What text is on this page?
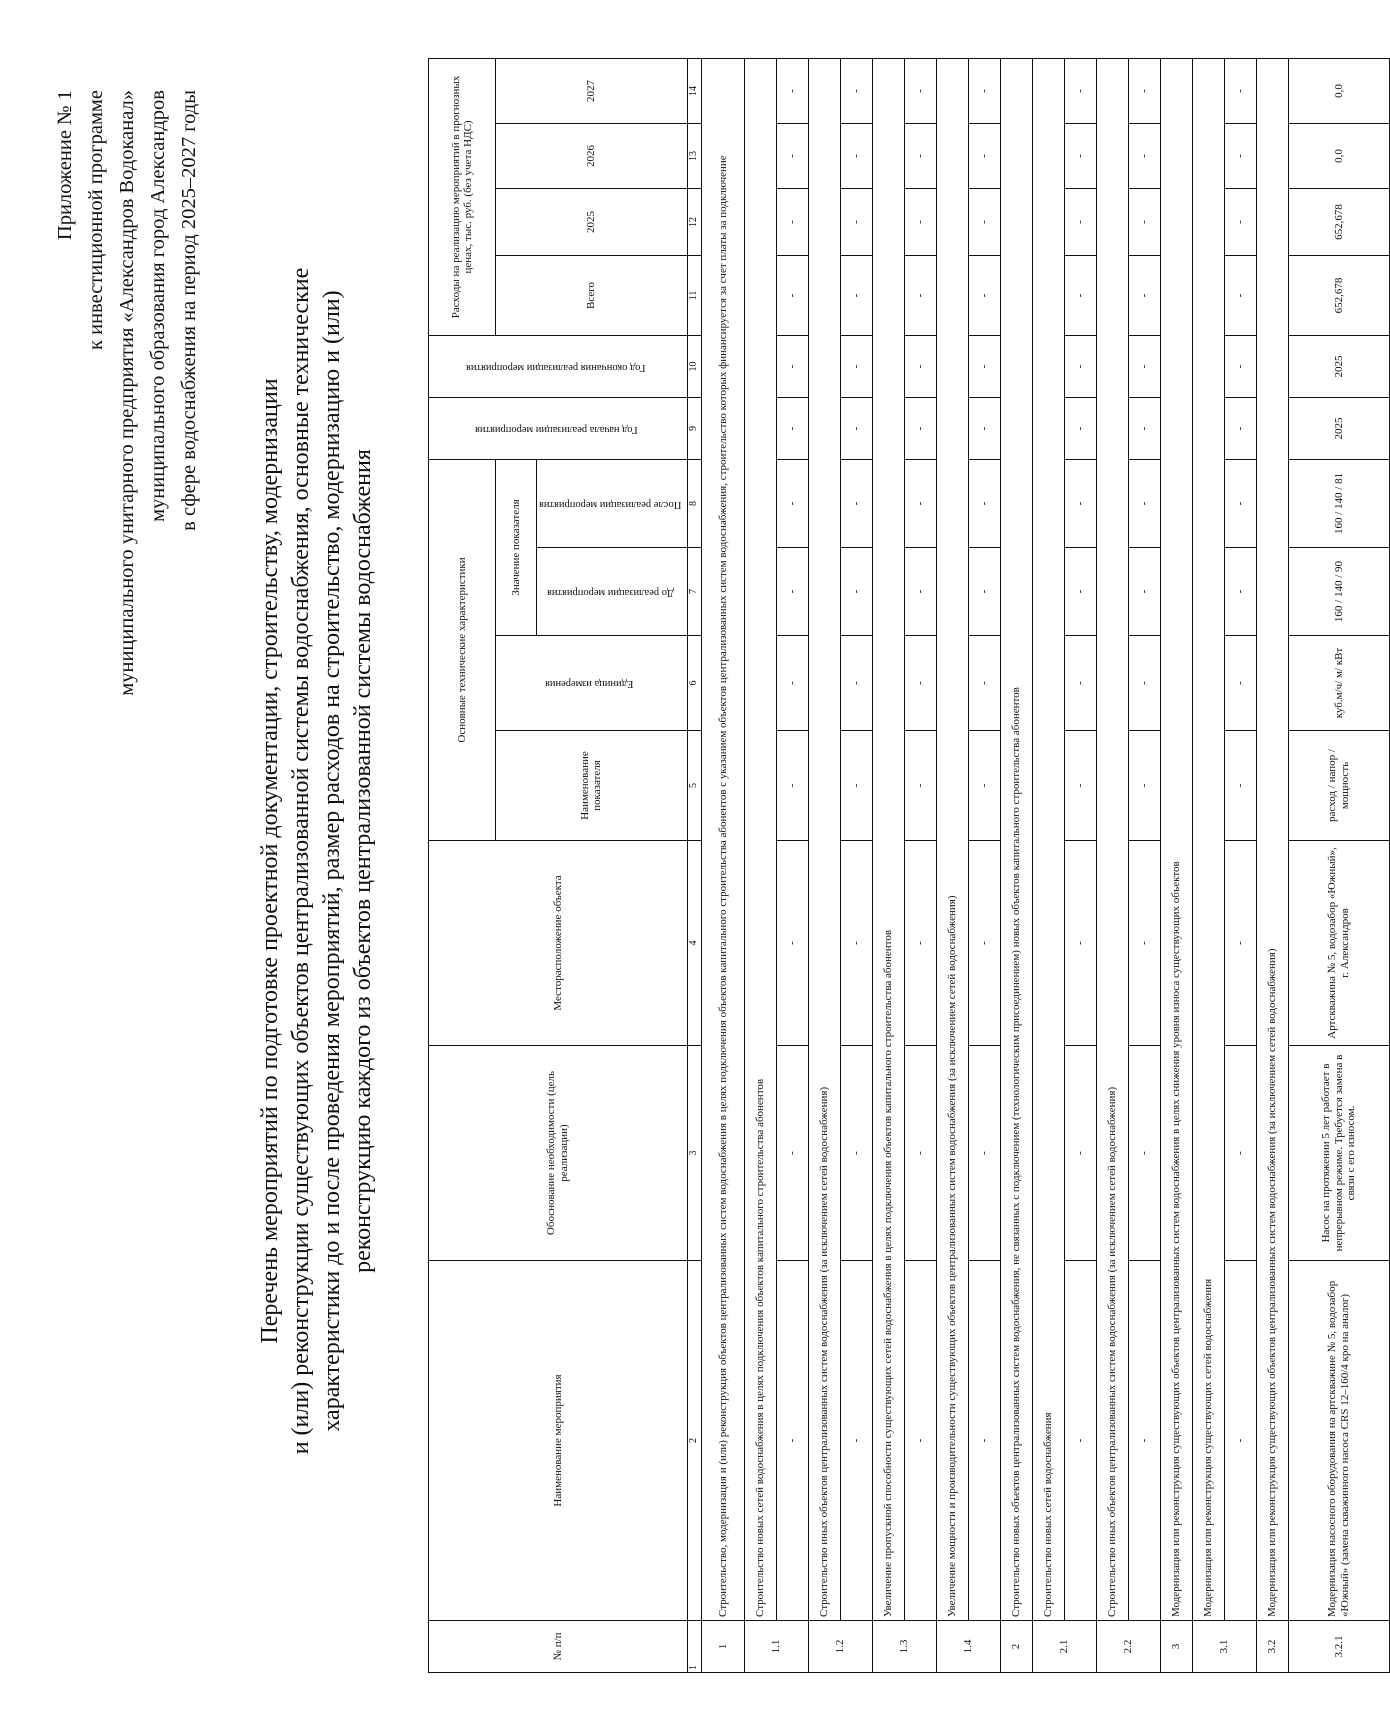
Приложение № 1 к инвестиционной программе муниципального унитарного предприятия «Александров Водоканал» муниципального образования город Александров в сфере водоснабжения на период 2025–2027 годы
Перечень мероприятий по подготовке проектной документации, строительству, модернизации и (или) реконструкции существующих объектов централизованной системы водоснабжения, основные технические характеристики до и после проведения мероприятий, размер расходов на строительство, модернизацию и (или) реконструкцию каждого из объектов централизованной системы водоснабжения
№ п/п	Наименование мероприятия	Обоснование необходимости (цель реализации)	Месторасположение объекта	Основные технические характеристики				Год начала реализации мероприятия	Год окончания реализации мероприятия	Расходы на реализацию мероприятий в прогнозных ценах, тыс. руб. (без учета НДС)			
				Наименование показателя	Единица измерения	Значение показателя				Всего	2025	2026	2027
						До реализации мероприятия	После реализации мероприятия						
1	2	3	4	5	6	7	8	9	10	11	12	13	14
1	Строительство, модернизация и (или) реконструкция объектов централизованных систем водоснабжения в целях подключения объектов капитального строительства абонентов с указанием объектов централизованных систем водоснабжения, строительство которых финансируется за счет платы за подключение												
1.1	Строительство новых сетей водоснабжения в целях подключения объектов капитального строительства абонентов												
	-	-	-	-	-	-	-	-	-	-	-	-	-
1.2	Строительство иных объектов централизованных систем водоснабжения (за исключением сетей водоснабжения)												
	-	-	-	-	-	-	-	-	-	-	-	-	-
1.3	Увеличение пропускной способности существующих сетей водоснабжения в целях подключения объектов капитального строительства абонентов												
	-	-	-	-	-	-	-	-	-	-	-	-	-
1.4	Увеличение мощности и производительности существующих объектов централизованных систем водоснабжения (за исключением сетей водоснабжения)												
	-	-	-	-	-	-	-	-	-	-	-	-	-
2	Строительство новых объектов централизованных систем водоснабжения, не связанных с подключением (технологическим присоединением) новых объектов капитального строительства абонентов												
2.1	Строительство новых сетей водоснабжения												
	-	-	-	-	-	-	-	-	-	-	-	-	-
2.2	Строительство иных объектов централизованных систем водоснабжения (за исключением сетей водоснабжения)												
	-	-	-	-	-	-	-	-	-	-	-	-	-
3	Модернизация или реконструкция существующих объектов централизованных систем водоснабжения в целях снижения уровня износа существующих объектов												
3.1	Модернизация или реконструкция существующих сетей водоснабжения												
	-	-	-	-	-	-	-	-	-	-	-	-	-
3.2	Модернизация или реконструкция существующих объектов централизованных систем водоснабжения (за исключением сетей водоснабжения)												
3.2.1	Модернизация насосного оборудования на артскважине № 5, водозабор «Южный» (замена скважинного насоса CRS 12–160/4 кро на аналог)	Насос на протяжении 5 лет работает в непрерывном режиме. Требуется замена в связи с его износом.	Артскважина № 5, водозабор «Южный», г. Александров	расход / напор / мощность	куб.м/ч/ м/ кВт	160 / 140 / 90	160 / 140 / 81	2025	2025	652,678	652,678	0,0	0,0
